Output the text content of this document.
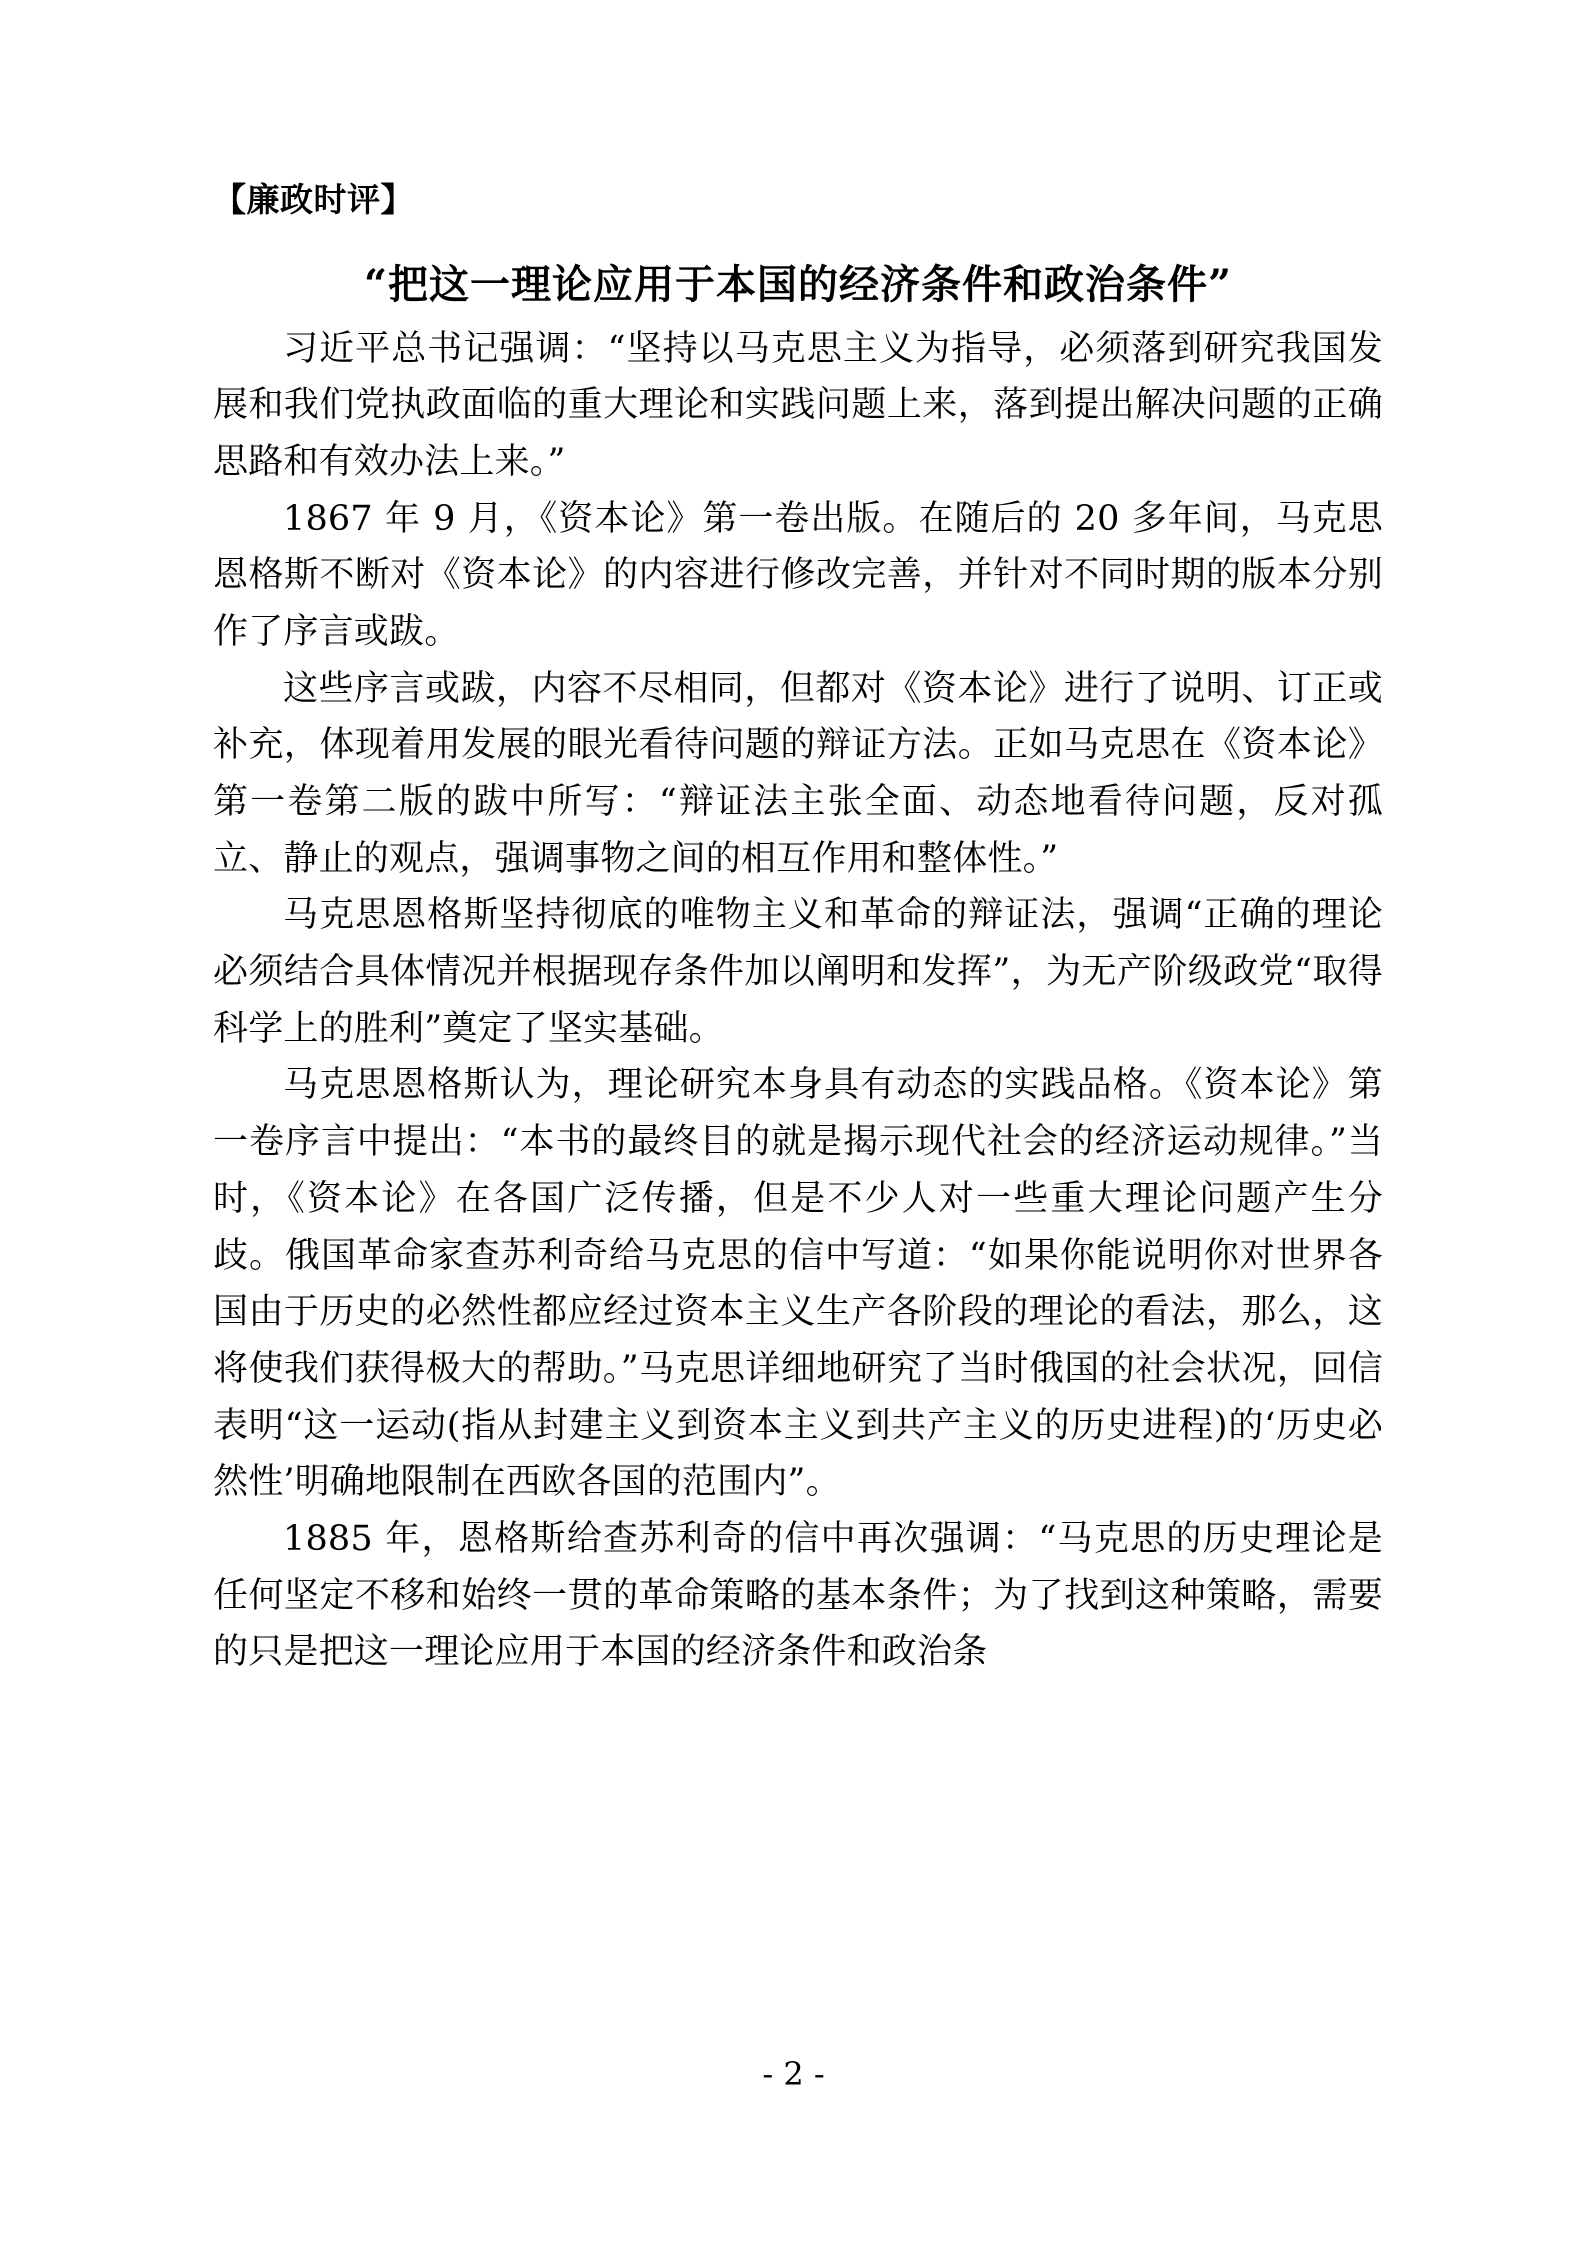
【廉政时评】
“把这一理论应用于本国的经济条件和政治条件”

习近平总书记强调：“坚持以马克思主义为指导，必须落到研究我国发展和我们党执政面临的重大理论和实践问题上来，落到提出解决问题的正确思路和有效办法上来。”

1867 年 9 月，《资本论》第一卷出版。在随后的 20 多年间，马克思恩格斯不断对《资本论》的内容进行修改完善，并针对不同时期的版本分别作了序言或跋。

这些序言或跋，内容不尽相同，但都对《资本论》进行了说明、订正或补充，体现着用发展的眼光看待问题的辩证方法。正如马克思在《资本论》第一卷第二版的跋中所写：“辩证法主张全面、动态地看待问题，反对孤立、静止的观点，强调事物之间的相互作用和整体性。”

马克思恩格斯坚持彻底的唯物主义和革命的辩证法，强调“正确的理论必须结合具体情况并根据现存条件加以阐明和发挥”，为无产阶级政党“取得科学上的胜利”奠定了坚实基础。

马克思恩格斯认为，理论研究本身具有动态的实践品格。《资本论》第一卷序言中提出：“本书的最终目的就是揭示现代社会的经济运动规律。”当时，《资本论》在各国广泛传播，但是不少人对一些重大理论问题产生分歧。俄国革命家查苏利奇给马克思的信中写道：“如果你能说明你对世界各国由于历史的必然性都应经过资本主义生产各阶段的理论的看法，那么，这将使我们获得极大的帮助。”马克思详细地研究了当时俄国的社会状况，回信表明“这一运动(指从封建主义到资本主义到共产主义的历史进程)的‘历史必然性’明确地限制在西欧各国的范围内”。

1885 年，恩格斯给查苏利奇的信中再次强调：“马克思的历史理论是任何坚定不移和始终一贯的革命策略的基本条件；为了找到这种策略，需要的只是把这一理论应用于本国的经济条件和政治条

- 2 -
